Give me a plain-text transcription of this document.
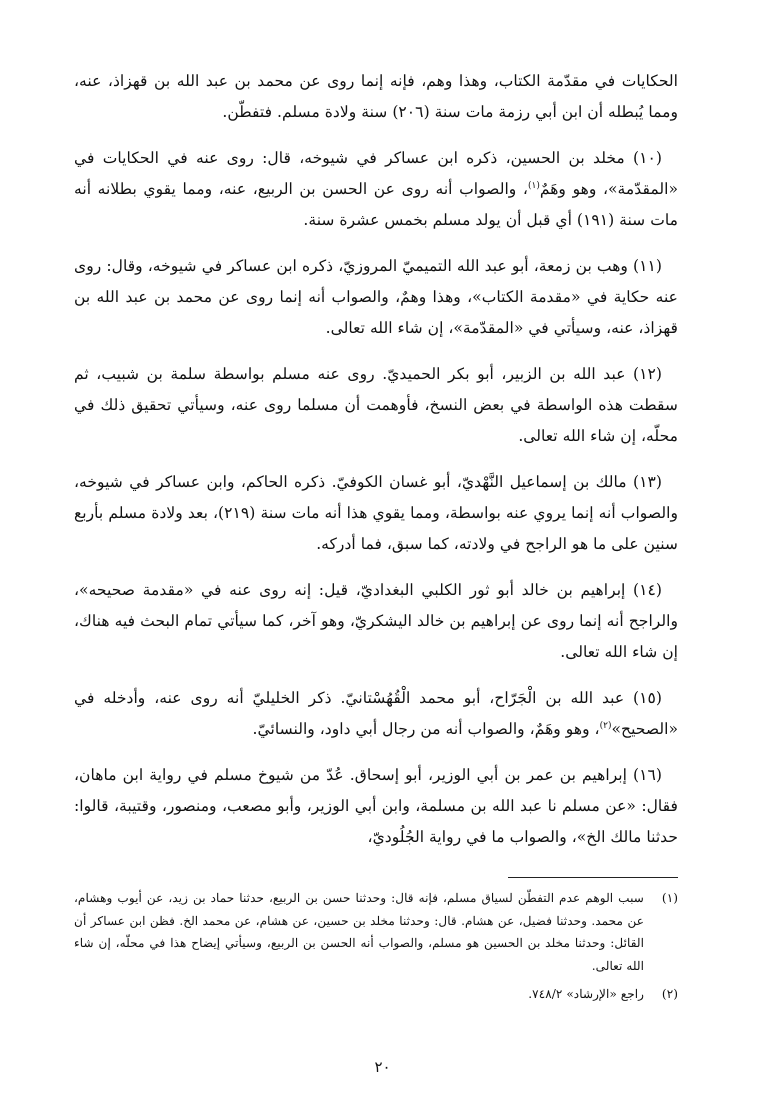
الحكايات في مقدّمة الكتاب، وهذا وهم، فإنه إنما روى عن محمد بن عبد الله بن قهزاذ، عنه، ومما يُبطله أن ابن أبي رزمة مات سنة (٢٠٦) سنة ولادة مسلم. فتفطّن.

(١٠) مخلد بن الحسين، ذكره ابن عساكر في شيوخه، قال: روى عنه في الحكايات في «المقدّمة»، وهو وهَمٌ$^{(١)}$، والصواب أنه روى عن الحسن بن الربيع، عنه، ومما يقوي بطلانه أنه مات سنة (١٩١) أي قبل أن يولد مسلم بخمس عشرة سنة.

(١١) وهب بن زمعة، أبو عبد الله التميميّ المروزيّ، ذكره ابن عساكر في شيوخه، وقال: روى عنه حكاية في «مقدمة الكتاب»، وهذا وهمٌ، والصواب أنه إنما روى عن محمد بن عبد الله بن قهزاذ، عنه، وسيأتي في «المقدّمة»، إن شاء الله تعالى.

(١٢) عبد الله بن الزبير، أبو بكر الحميديّ. روى عنه مسلم بواسطة سلمة بن شبيب، ثم سقطت هذه الواسطة في بعض النسخ، فأوهمت أن مسلما روى عنه، وسيأتي تحقيق ذلك في محلّه، إن شاء الله تعالى.

(١٣) مالك بن إسماعيل النَّهْديّ، أبو غسان الكوفيّ. ذكره الحاكم، وابن عساكر في شيوخه، والصواب أنه إنما يروي عنه بواسطة، ومما يقوي هذا أنه مات سنة (٢١٩)، بعد ولادة مسلم بأربع سنين على ما هو الراجح في ولادته، كما سبق، فما أدركه.

(١٤) إبراهيم بن خالد أبو ثور الكلبي البغداديّ، قيل: إنه روى عنه في «مقدمة صحيحه»، والراجح أنه إنما روى عن إبراهيم بن خالد اليشكريّ، وهو آخر، كما سيأتي تمام البحث فيه هناك، إن شاء الله تعالى.

(١٥) عبد الله بن الْجَرّاح، أبو محمد الْقُهُسْتانيّ. ذكر الخليليّ أنه روى عنه، وأدخله في «الصحيح»$^{(٢)}$، وهو وهَمٌ، والصواب أنه من رجال أبي داود، والنسائيّ.

(١٦) إبراهيم بن عمر بن أبي الوزير، أبو إسحاق. عُدّ من شيوخ مسلم في رواية ابن ماهان، فقال: «عن مسلم نا عبد الله بن مسلمة، وابن أبي الوزير، وأبو مصعب، ومنصور، وقتيبة، قالوا: حدثنا مالك الخ»، والصواب ما في رواية الجُلُوديّ،

(١)
سبب الوهم عدم التفطّن لسياق مسلم، فإنه قال: وحدثنا حسن بن الربيع، حدثنا حماد بن زيد، عن أيوب وهشام، عن محمد. وحدثنا فضيل، عن هشام. قال: وحدثنا مخلد بن حسين، عن هشام، عن محمد الخ. فظن ابن عساكر أن القائل: وحدثنا مخلد بن الحسين هو مسلم، والصواب أنه الحسن بن الربيع، وسيأتي إيضاح هذا في محلّه، إن شاء الله تعالى.
(٢)
راجع «الإرشاد» ٧٤٨/٢.
٢٠
